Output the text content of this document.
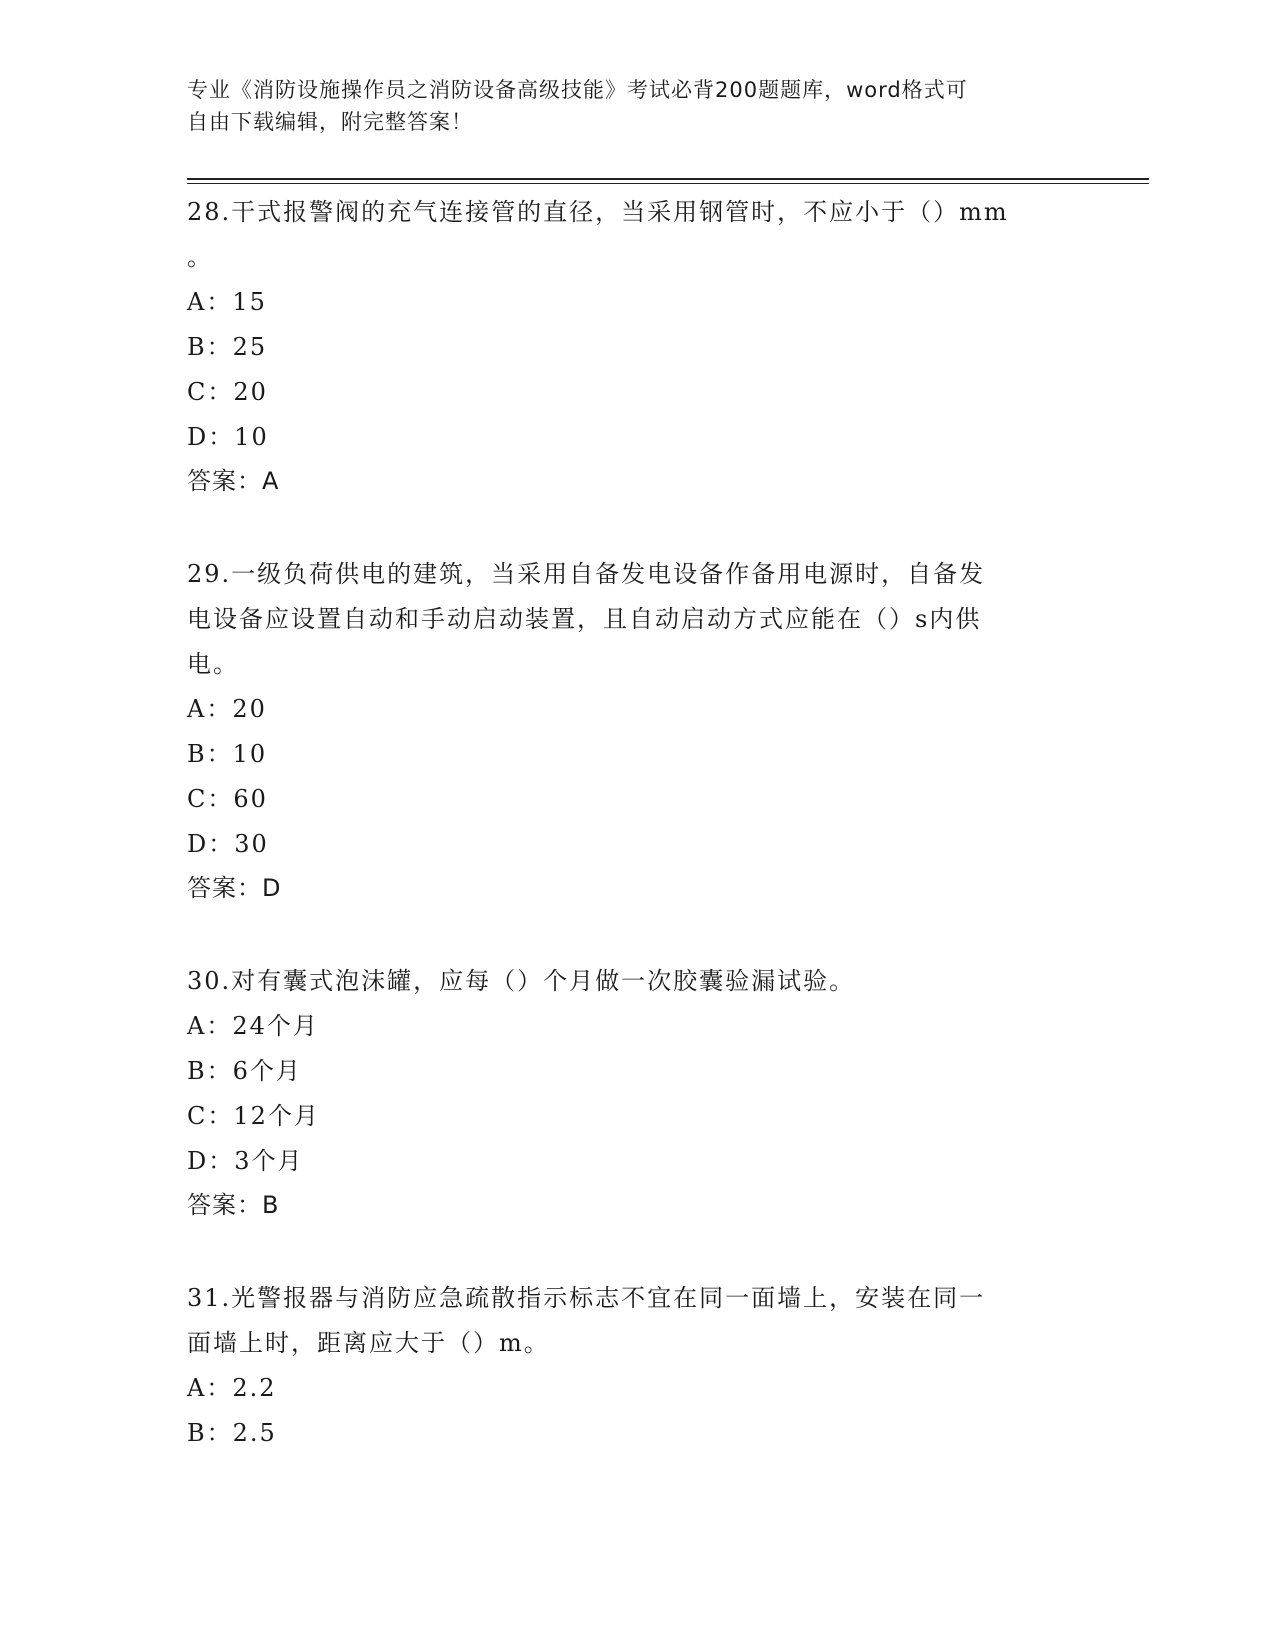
专业《消防设施操作员之消防设备高级技能》考试必背200题题库，word格式可
自由下载编辑，附完整答案！

28.干式报警阀的充气连接管的直径，当采用钢管时，不应小于（）mm

。

A：15

B：25

C：20

D：10

答案：A

29.一级负荷供电的建筑，当采用自备发电设备作备用电源时，自备发

电设备应设置自动和手动启动装置，且自动启动方式应能在（）s内供

电。

A：20

B：10

C：60

D：30

答案：D

30.对有囊式泡沫罐，应每（）个月做一次胶囊验漏试验。

A：24个月

B：6个月

C：12个月

D：3个月

答案：B

31.光警报器与消防应急疏散指示标志不宜在同一面墙上，安装在同一

面墙上时，距离应大于（）m。

A：2.2

B：2.5
